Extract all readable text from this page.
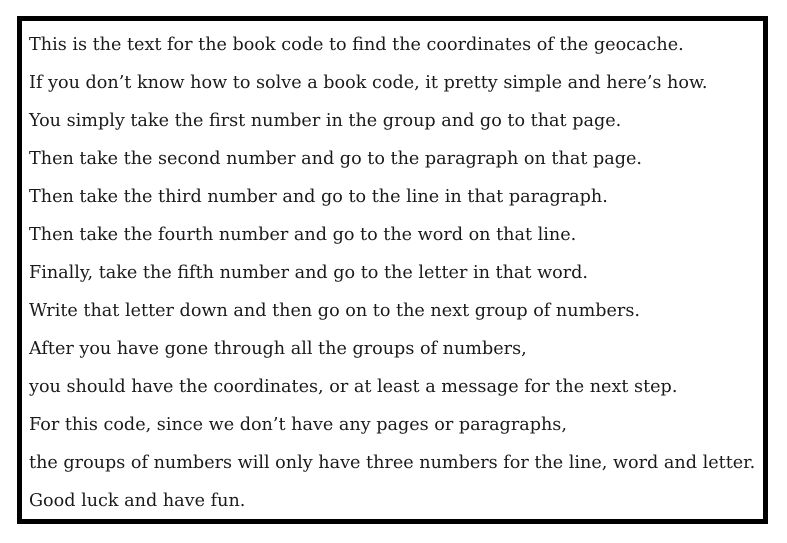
This is the text for the book code to find the coordinates of the geocache.
If you don’t know how to solve a book code, it pretty simple and here’s how.
You simply take the first number in the group and go to that page.
Then take the second number and go to the paragraph on that page.
Then take the third number and go to the line in that paragraph.
Then take the fourth number and go to the word on that line.
Finally, take the fifth number and go to the letter in that word.
Write that letter down and then go on to the next group of numbers.
After you have gone through all the groups of numbers,
you should have the coordinates, or at least a message for the next step.
For this code, since we don’t have any pages or paragraphs,
the groups of numbers will only have three numbers for the line, word and letter.
Good luck and have fun.
